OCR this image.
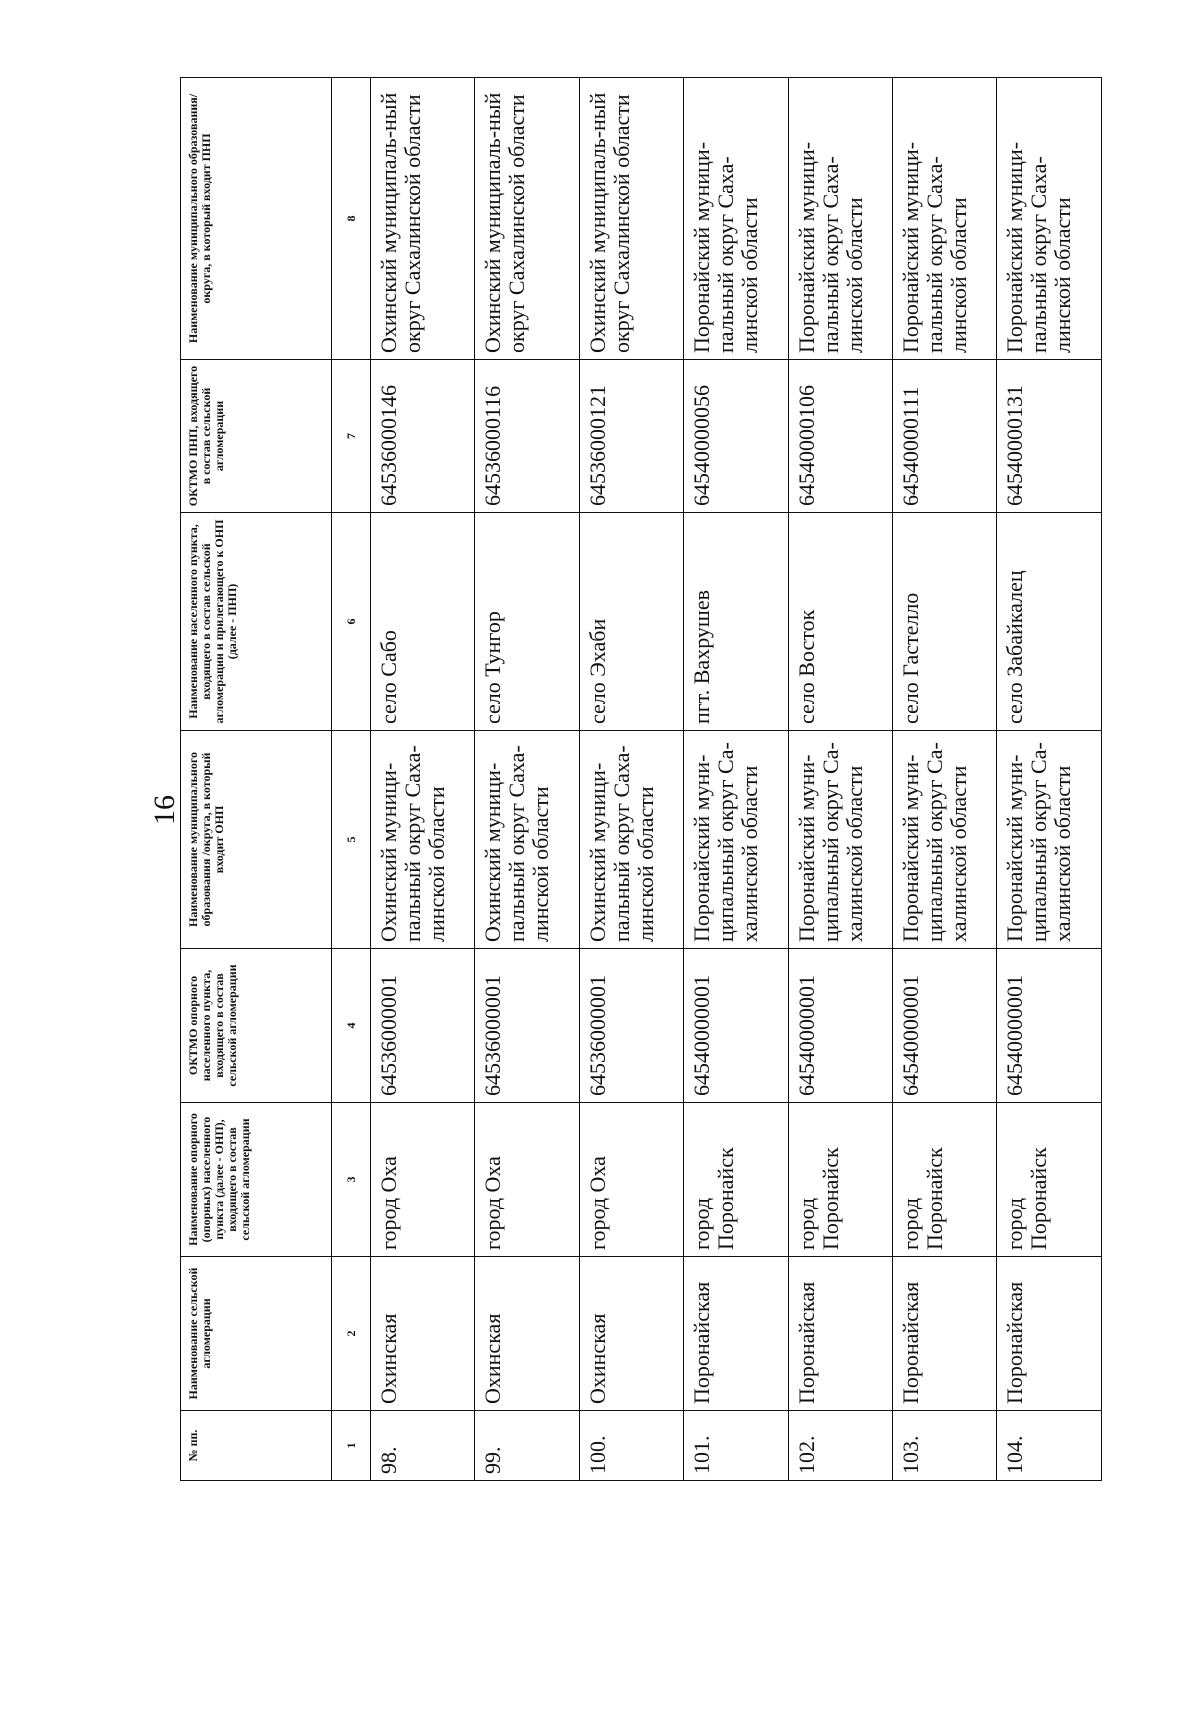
16
№ пп.	Наименование сельской агломерации	Наименование опорного (опорных) населенного пункта (далее - ОНП), входящего в состав сельской агломерации	ОКТМО опорного населенного пункта, входящего в состав сельской агломерации	Наименование муниципального образования /округа, в который входит ОНП	Наименование населенного пункта, входящего в состав сельской агломерации и прилегающего к ОНП (далее - ПНП)	ОКТМО ПНП, входящего в состав сельской агломерации	Наименование муниципального образования/округа, в который входит ПНП
1	2	3	4	5	6	7	8
98.	Охинская	город Оха	64536000001	Охинский муници-пальный округ Саха-линской области	село Сабо	64536000146	Охинский муниципаль-ный округ Сахалинской области
99.	Охинская	город Оха	64536000001	Охинский муници-пальный округ Саха-линской области	село Тунгор	64536000116	Охинский муниципаль-ный округ Сахалинской области
100.	Охинская	город Оха	64536000001	Охинский муници-пальный округ Саха-линской области	село Эхаби	64536000121	Охинский муниципаль-ный округ Сахалинской области
101.	Поронайская	город Поронайск	64540000001	Поронайский муни-ципальный округ Са-халинской области	пгт. Вахрушев	64540000056	Поронайский муници-пальный округ Саха-линской области
102.	Поронайская	город Поронайск	64540000001	Поронайский муни-ципальный округ Са-халинской области	село Восток	64540000106	Поронайский муници-пальный округ Саха-линской области
103.	Поронайская	город Поронайск	64540000001	Поронайский муни-ципальный округ Са-халинской области	село Гастелло	64540000111	Поронайский муници-пальный округ Саха-линской области
104.	Поронайская	город Поронайск	64540000001	Поронайский муни-ципальный округ Са-халинской области	село Забайкалец	64540000131	Поронайский муници-пальный округ Саха-линской области
